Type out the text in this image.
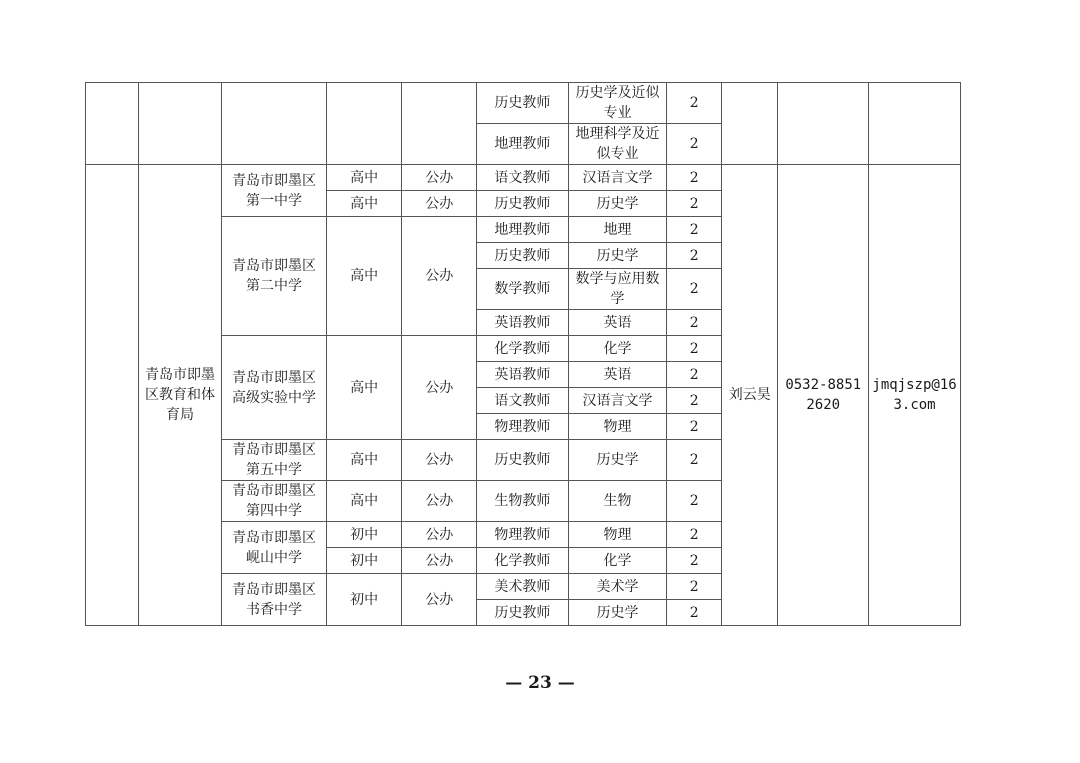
					历史教师	历史学及近似专业	2			
					地理教师	地理科学及近似专业	2			
	青岛市即墨区教育和体育局	青岛市即墨区第一中学	高中	公办	语文教师	汉语言文学	2	刘云昊	0532-88512620	jmqjszp@163.com
			高中	公办	历史教师	历史学	2			
		青岛市即墨区第二中学	高中	公办	地理教师	地理	2			
					历史教师	历史学	2			
					数学教师	数学与应用数学	2			
					英语教师	英语	2			
		青岛市即墨区高级实验中学	高中	公办	化学教师	化学	2			
					英语教师	英语	2			
					语文教师	汉语言文学	2			
					物理教师	物理	2			
		青岛市即墨区第五中学	高中	公办	历史教师	历史学	2			
		青岛市即墨区第四中学	高中	公办	生物教师	生物	2			
		青岛市即墨区岘山中学	初中	公办	物理教师	物理	2			
			初中	公办	化学教师	化学	2			
		青岛市即墨区书香中学	初中	公办	美术教师	美术学	2			
					历史教师	历史学	2			
— 23 —
